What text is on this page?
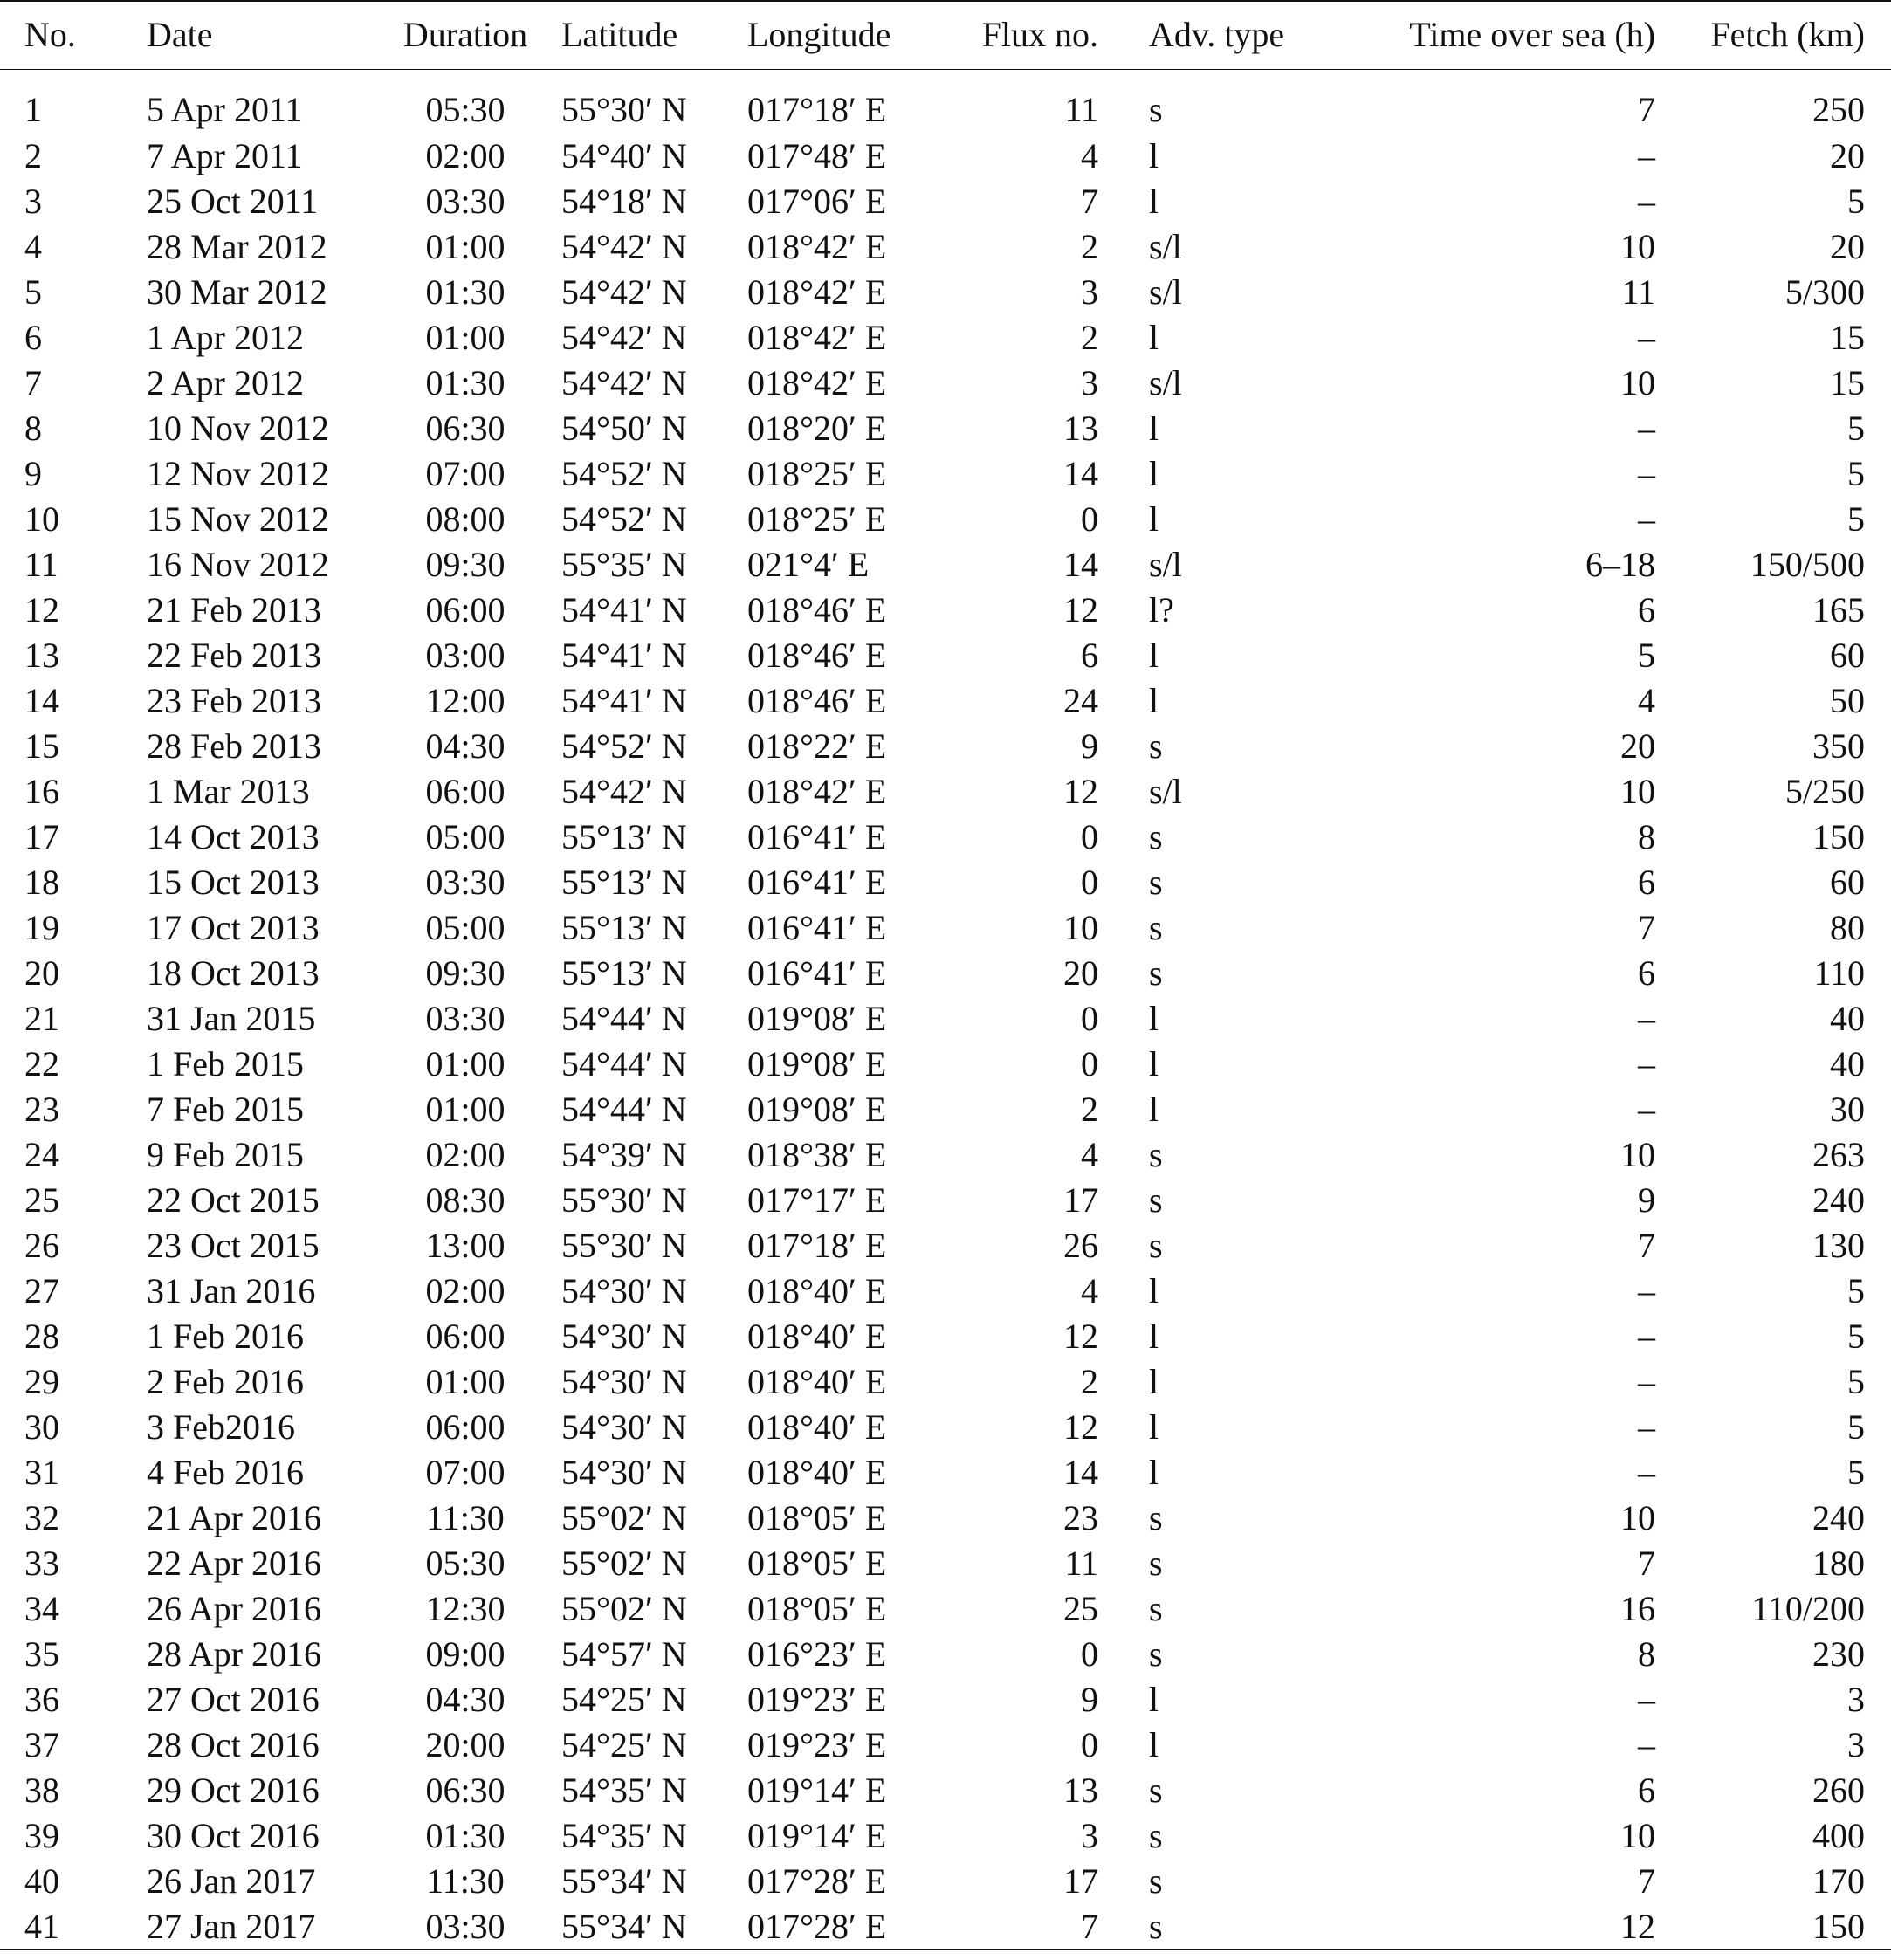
No.	Date	Duration	Latitude	Longitude	Flux no.	Adv. type	Time over sea (h)	Fetch (km)
1	5 Apr 2011	05:30	55°30′ N	017°18′ E	11	s	7	250
2	7 Apr 2011	02:00	54°40′ N	017°48′ E	4	l	–	20
3	25 Oct 2011	03:30	54°18′ N	017°06′ E	7	l	–	5
4	28 Mar 2012	01:00	54°42′ N	018°42′ E	2	s/l	10	20
5	30 Mar 2012	01:30	54°42′ N	018°42′ E	3	s/l	11	5/300
6	1 Apr 2012	01:00	54°42′ N	018°42′ E	2	l	–	15
7	2 Apr 2012	01:30	54°42′ N	018°42′ E	3	s/l	10	15
8	10 Nov 2012	06:30	54°50′ N	018°20′ E	13	l	–	5
9	12 Nov 2012	07:00	54°52′ N	018°25′ E	14	l	–	5
10	15 Nov 2012	08:00	54°52′ N	018°25′ E	0	l	–	5
11	16 Nov 2012	09:30	55°35′ N	021°4′ E	14	s/l	6–18	150/500
12	21 Feb 2013	06:00	54°41′ N	018°46′ E	12	l?	6	165
13	22 Feb 2013	03:00	54°41′ N	018°46′ E	6	l	5	60
14	23 Feb 2013	12:00	54°41′ N	018°46′ E	24	l	4	50
15	28 Feb 2013	04:30	54°52′ N	018°22′ E	9	s	20	350
16	1 Mar 2013	06:00	54°42′ N	018°42′ E	12	s/l	10	5/250
17	14 Oct 2013	05:00	55°13′ N	016°41′ E	0	s	8	150
18	15 Oct 2013	03:30	55°13′ N	016°41′ E	0	s	6	60
19	17 Oct 2013	05:00	55°13′ N	016°41′ E	10	s	7	80
20	18 Oct 2013	09:30	55°13′ N	016°41′ E	20	s	6	110
21	31 Jan 2015	03:30	54°44′ N	019°08′ E	0	l	–	40
22	1 Feb 2015	01:00	54°44′ N	019°08′ E	0	l	–	40
23	7 Feb 2015	01:00	54°44′ N	019°08′ E	2	l	–	30
24	9 Feb 2015	02:00	54°39′ N	018°38′ E	4	s	10	263
25	22 Oct 2015	08:30	55°30′ N	017°17′ E	17	s	9	240
26	23 Oct 2015	13:00	55°30′ N	017°18′ E	26	s	7	130
27	31 Jan 2016	02:00	54°30′ N	018°40′ E	4	l	–	5
28	1 Feb 2016	06:00	54°30′ N	018°40′ E	12	l	–	5
29	2 Feb 2016	01:00	54°30′ N	018°40′ E	2	l	–	5
30	3 Feb2016	06:00	54°30′ N	018°40′ E	12	l	–	5
31	4 Feb 2016	07:00	54°30′ N	018°40′ E	14	l	–	5
32	21 Apr 2016	11:30	55°02′ N	018°05′ E	23	s	10	240
33	22 Apr 2016	05:30	55°02′ N	018°05′ E	11	s	7	180
34	26 Apr 2016	12:30	55°02′ N	018°05′ E	25	s	16	110/200
35	28 Apr 2016	09:00	54°57′ N	016°23′ E	0	s	8	230
36	27 Oct 2016	04:30	54°25′ N	019°23′ E	9	l	–	3
37	28 Oct 2016	20:00	54°25′ N	019°23′ E	0	l	–	3
38	29 Oct 2016	06:30	54°35′ N	019°14′ E	13	s	6	260
39	30 Oct 2016	01:30	54°35′ N	019°14′ E	3	s	10	400
40	26 Jan 2017	11:30	55°34′ N	017°28′ E	17	s	7	170
41	27 Jan 2017	03:30	55°34′ N	017°28′ E	7	s	12	150
